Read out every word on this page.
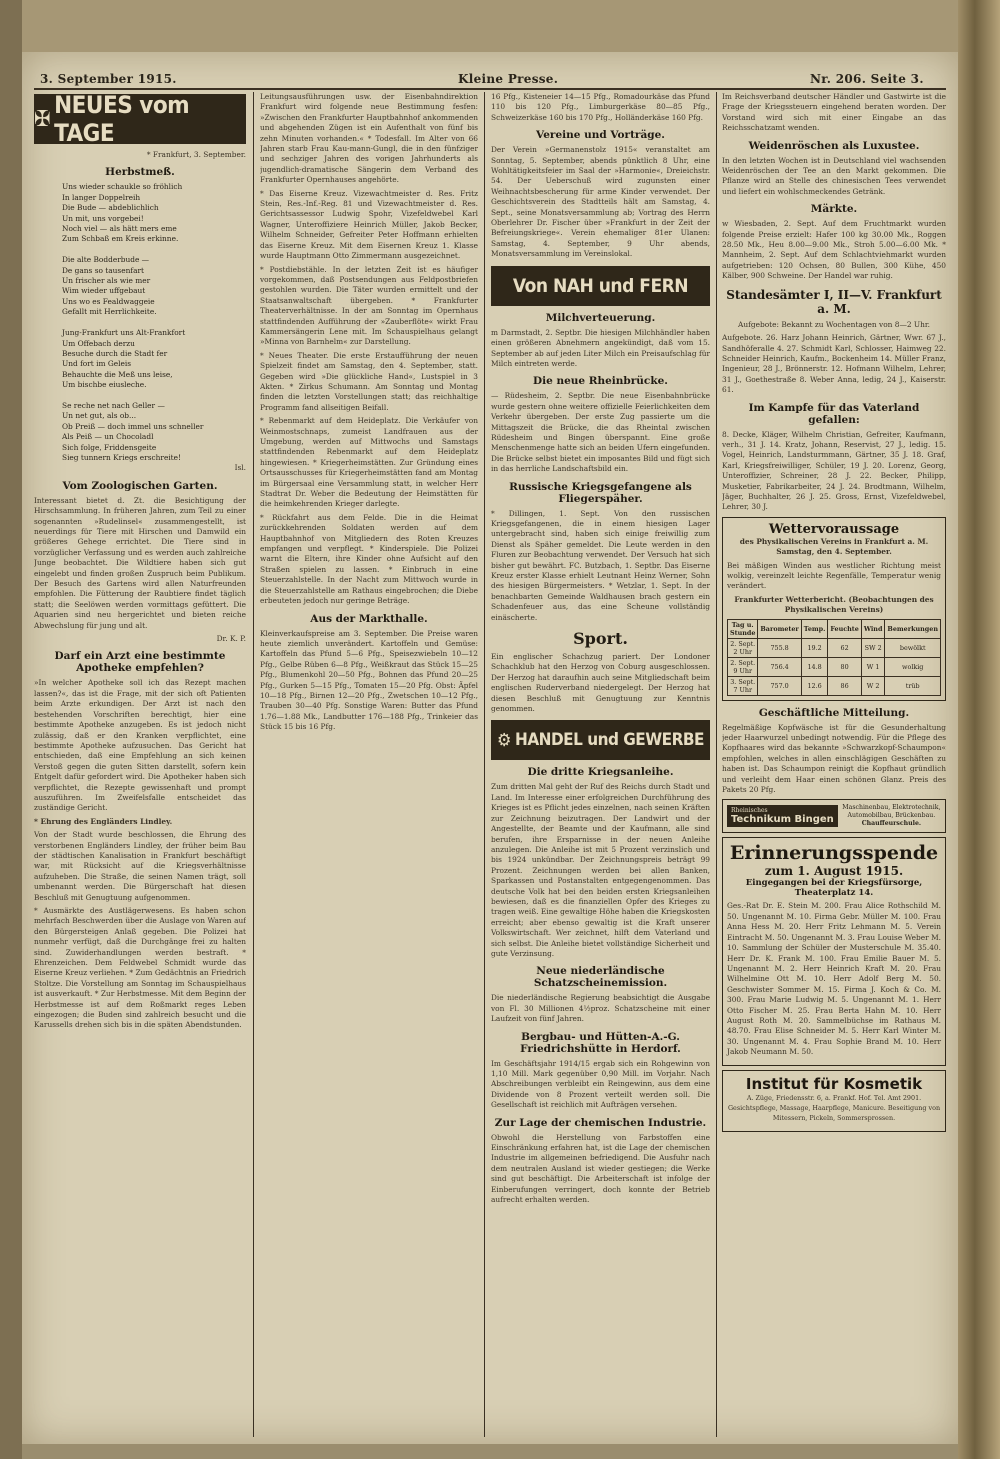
3. September 1915.	Kleine Presse.	Nr. 206. Seite 3.
✠ NEUES vom TAGE

* Frankfurt, 3. September.

Herbstmeß.
Uns wieder schaukle so fröhlich
In langer Doppelreih
Die Bude — abdeblichlich
Un mit, uns vorgebei!
Noch viel — als hätt mers eme
Zum Schbaß em Kreis erkinne.

Die alte Bodderbude —
De gans so tausenfart
Un frischer als wie mer
Wim wieder uffgebaut
Uns wo es Fealdwaggeie
Gefallt mit Herrlichkeite.

Jung-Frankfurt uns Alt-Frankfort
Um Offebach derzu
Besuche durch die Stadt fer
Und fort im Geleis
Behauchte die Meß uns leise,
Um bischbe eiusleche.

Se reche net nach Geller —
Un net gut, als ob...
Ob Preiß — doch immel uns schneller
Als Peiß — un Chocoladl
Sich folge, Friddensgeite
Sieg tunnern Kriegs erschreite!

Isl.

Vom Zoologischen Garten.

Interessant bietet d. Zt. die Besichtigung der Hirschsammlung. In früheren Jahren, zum Teil zu einer sogenannten »Rudelinsel« zusammengestellt, ist neuerdings für Tiere mit Hirschen und Damwild ein größeres Gehege errichtet. Die Tiere sind in vorzüglicher Verfassung und es werden auch zahlreiche Junge beobachtet. Die Wildtiere haben sich gut eingelebt und finden großen Zuspruch beim Publikum. Der Besuch des Gartens wird allen Naturfreunden empfohlen. Die Fütterung der Raubtiere findet täglich statt; die Seelöwen werden vormittags gefüttert. Die Aquarien sind neu hergerichtet und bieten reiche Abwechslung für jung und alt.

Dr. K. P.

Darf ein Arzt eine bestimmte Apotheke empfehlen?

»In welcher Apotheke soll ich das Rezept machen lassen?«, das ist die Frage, mit der sich oft Patienten beim Arzte erkundigen. Der Arzt ist nach den bestehenden Vorschriften berechtigt, hier eine bestimmte Apotheke anzugeben. Es ist jedoch nicht zulässig, daß er den Kranken verpflichtet, eine bestimmte Apotheke aufzusuchen. Das Gericht hat entschieden, daß eine Empfehlung an sich keinen Verstoß gegen die guten Sitten darstellt, sofern kein Entgelt dafür gefordert wird. Die Apotheker haben sich verpflichtet, die Rezepte gewissenhaft und prompt auszuführen. Im Zweifelsfalle entscheidet das zuständige Gericht.

* Ehrung des Engländers Lindley.

Von der Stadt wurde beschlossen, die Ehrung des verstorbenen Engländers Lindley, der früher beim Bau der städtischen Kanalisation in Frankfurt beschäftigt war, mit Rücksicht auf die Kriegsverhältnisse aufzuheben. Die Straße, die seinen Namen trägt, soll umbenannt werden. Die Bürgerschaft hat diesen Beschluß mit Genugtuung aufgenommen.

* Ausmärkte des Austlägerwesens. Es haben schon mehrfach Beschwerden über die Auslage von Waren auf den Bürgersteigen Anlaß gegeben. Die Polizei hat nunmehr verfügt, daß die Durchgänge frei zu halten sind. Zuwiderhandlungen werden bestraft. * Ehrenzeichen. Dem Feldwebel Schmidt wurde das Eiserne Kreuz verliehen. * Zum Gedächtnis an Friedrich Stoltze. Die Vorstellung am Sonntag im Schauspielhaus ist ausverkauft. * Zur Herbstmesse. Mit dem Beginn der Herbstmesse ist auf dem Roßmarkt reges Leben eingezogen; die Buden sind zahlreich besucht und die Karussells drehen sich bis in die späten Abendstunden.

Leitungsausführungen usw. der Eisenbahndirektion Frankfurt wird folgende neue Bestimmung fesfen: »Zwischen den Frankfurter Hauptbahnhof ankommenden und abgehenden Zügen ist ein Aufenthalt von fünf bis zehn Minuten vorhanden.« * Todesfall. Im Alter von 66 Jahren starb Frau Kau-mann-Gungl, die in den fünfziger und sechziger Jahren des vorigen Jahrhunderts als jugendlich-dramatische Sängerin dem Verband des Frankfurter Opernhauses angehörte.

* Das Eiserne Kreuz. Vizewachtmeister d. Res. Fritz Stein, Res.-Inf.-Reg. 81 und Vizewachtmeister d. Res. Gerichtsassessor Ludwig Spohr, Vizefeldwebel Karl Wagner, Unteroffiziere Heinrich Müller, Jakob Becker, Wilhelm Schneider, Gefreiter Peter Hoffmann erhielten das Eiserne Kreuz. Mit dem Eisernen Kreuz 1. Klasse wurde Hauptmann Otto Zimmermann ausgezeichnet.

* Postdiebstähle. In der letzten Zeit ist es häufiger vorgekommen, daß Postsendungen aus Feldpostbriefen gestohlen wurden. Die Täter wurden ermittelt und der Staatsanwaltschaft übergeben. * Frankfurter Theaterverhältnisse. In der am Sonntag im Opernhaus stattfindenden Aufführung der »Zauberflöte« wirkt Frau Kammersängerin Lene mit. Im Schauspielhaus gelangt »Minna von Barnhelm« zur Darstellung.

* Neues Theater. Die erste Erstaufführung der neuen Spielzeit findet am Samstag, den 4. September, statt. Gegeben wird »Die glückliche Hand«, Lustspiel in 3 Akten. * Zirkus Schumann. Am Sonntag und Montag finden die letzten Vorstellungen statt; das reichhaltige Programm fand allseitigen Beifall.

* Rebenmarkt auf dem Heideplatz. Die Verkäufer von Weinmostschnaps, zumeist Landfrauen aus der Umgebung, werden auf Mittwochs und Samstags stattfindenden Rebenmarkt auf dem Heideplatz hingewiesen. * Kriegerheimstätten. Zur Gründung eines Ortsausschusses für Kriegerheimstätten fand am Montag im Bürgersaal eine Versammlung statt, in welcher Herr Stadtrat Dr. Weber die Bedeutung der Heimstätten für die heimkehrenden Krieger darlegte.

* Rückfahrt aus dem Felde. Die in die Heimat zurückkehrenden Soldaten werden auf dem Hauptbahnhof von Mitgliedern des Roten Kreuzes empfangen und verpflegt. * Kinderspiele. Die Polizei warnt die Eltern, ihre Kinder ohne Aufsicht auf den Straßen spielen zu lassen. * Einbruch in eine Steuerzahlstelle. In der Nacht zum Mittwoch wurde in die Steuerzahlstelle am Rathaus eingebrochen; die Diebe erbeuteten jedoch nur geringe Beträge.

Aus der Markthalle.

Kleinverkaufspreise am 3. September. Die Preise waren heute ziemlich unverändert. Kartoffeln und Gemüse: Kartoffeln das Pfund 5—6 Pfg., Speisezwiebeln 10—12 Pfg., Gelbe Rüben 6—8 Pfg., Weißkraut das Stück 15—25 Pfg., Blumenkohl 20—50 Pfg., Bohnen das Pfund 20—25 Pfg., Gurken 5—15 Pfg., Tomaten 15—20 Pfg. Obst: Äpfel 10—18 Pfg., Birnen 12—20 Pfg., Zwetschen 10—12 Pfg., Trauben 30—40 Pfg. Sonstige Waren: Butter das Pfund 1.76—1.88 Mk., Landbutter 176—188 Pfg., Trinkeier das Stück 15 bis 16 Pfg.

16 Pfg., Kisteneier 14—15 Pfg., Romadourkäse das Pfund 110 bis 120 Pfg., Limburgerkäse 80—85 Pfg., Schweizerkäse 160 bis 170 Pfg., Holländerkäse 160 Pfg.

Vereine und Vorträge.

Der Verein »Germanenstolz 1915« veranstaltet am Sonntag, 5. September, abends pünktlich 8 Uhr, eine Wohltätigkeitsfeier im Saal der »Harmonie«, Dreieichstr. 54. Der Ueberschuß wird zugunsten einer Weihnachtsbescherung für arme Kinder verwendet. Der Geschichtsverein des Stadtteils hält am Samstag, 4. Sept., seine Monatsversammlung ab; Vortrag des Herrn Oberlehrer Dr. Fischer über »Frankfurt in der Zeit der Befreiungskriege«. Verein ehemaliger 81er Ulanen: Samstag, 4. September, 9 Uhr abends, Monatsversammlung im Vereinslokal.

Von NAH und FERN
Milchverteuerung.

m Darmstadt, 2. Septbr. Die hiesigen Milchhändler haben einen größeren Abnehmern angekündigt, daß vom 15. September ab auf jeden Liter Milch ein Preisaufschlag für Milch eintreten werde.

Die neue Rheinbrücke.

— Rüdesheim, 2. Septbr. Die neue Eisenbahnbrücke wurde gestern ohne weitere offizielle Feierlichkeiten dem Verkehr übergeben. Der erste Zug passierte um die Mittagszeit die Brücke, die das Rheintal zwischen Rüdesheim und Bingen überspannt. Eine große Menschenmenge hatte sich an beiden Ufern eingefunden. Die Brücke selbst bietet ein imposantes Bild und fügt sich in das herrliche Landschaftsbild ein.

Russische Kriegsgefangene als Fliegerspäher.

* Dillingen, 1. Sept. Von den russischen Kriegsgefangenen, die in einem hiesigen Lager untergebracht sind, haben sich einige freiwillig zum Dienst als Späher gemeldet. Die Leute werden in den Fluren zur Beobachtung verwendet. Der Versuch hat sich bisher gut bewährt. FC. Butzbach, 1. Septbr. Das Eiserne Kreuz erster Klasse erhielt Leutnant Heinz Werner, Sohn des hiesigen Bürgermeisters. * Wetzlar, 1. Sept. In der benachbarten Gemeinde Waldhausen brach gestern ein Schadenfeuer aus, das eine Scheune vollständig einäscherte.

Sport.

Ein englischer Schachzug pariert. Der Londoner Schachklub hat den Herzog von Coburg ausgeschlossen. Der Herzog hat daraufhin auch seine Mitgliedschaft beim englischen Ruderverband niedergelegt. Der Herzog hat diesen Beschluß mit Genugtuung zur Kenntnis genommen.

⚙ HANDEL und GEWERBE
Die dritte Kriegsanleihe.

Zum dritten Mal geht der Ruf des Reichs durch Stadt und Land. Im Interesse einer erfolgreichen Durchführung des Krieges ist es Pflicht jedes einzelnen, nach seinen Kräften zur Zeichnung beizutragen. Der Landwirt und der Angestellte, der Beamte und der Kaufmann, alle sind berufen, ihre Ersparnisse in der neuen Anleihe anzulegen. Die Anleihe ist mit 5 Prozent verzinslich und bis 1924 unkündbar. Der Zeichnungspreis beträgt 99 Prozent. Zeichnungen werden bei allen Banken, Sparkassen und Postanstalten entgegengenommen. Das deutsche Volk hat bei den beiden ersten Kriegsanleihen bewiesen, daß es die finanziellen Opfer des Krieges zu tragen weiß. Eine gewaltige Höhe haben die Kriegskosten erreicht; aber ebenso gewaltig ist die Kraft unserer Volkswirtschaft. Wer zeichnet, hilft dem Vaterland und sich selbst. Die Anleihe bietet vollständige Sicherheit und gute Verzinsung.

Neue niederländische Schatzscheinemission.

Die niederländische Regierung beabsichtigt die Ausgabe von Fl. 30 Millionen 4½proz. Schatzscheine mit einer Laufzeit von fünf Jahren.

Bergbau- und Hütten-A.-G. Friedrichshütte in Herdorf.

Im Geschäftsjahr 1914/15 ergab sich ein Rohgewinn von 1,10 Mill. Mark gegenüber 0,90 Mill. im Vorjahr. Nach Abschreibungen verbleibt ein Reingewinn, aus dem eine Dividende von 8 Prozent verteilt werden soll. Die Gesellschaft ist reichlich mit Aufträgen versehen.

Zur Lage der chemischen Industrie.

Obwohl die Herstellung von Farbstoffen eine Einschränkung erfahren hat, ist die Lage der chemischen Industrie im allgemeinen befriedigend. Die Ausfuhr nach dem neutralen Ausland ist wieder gestiegen; die Werke sind gut beschäftigt. Die Arbeiterschaft ist infolge der Einberufungen verringert, doch konnte der Betrieb aufrecht erhalten werden.

Im Reichsverband deutscher Händler und Gastwirte ist die Frage der Kriegssteuern eingehend beraten worden. Der Vorstand wird sich mit einer Eingabe an das Reichsschatzamt wenden.

Weidenröschen als Luxustee.

In den letzten Wochen ist in Deutschland viel wachsenden Weidenröschen der Tee an den Markt gekommen. Die Pflanze wird an Stelle des chinesischen Tees verwendet und liefert ein wohlschmeckendes Getränk.

Märkte.

w Wiesbaden, 2. Sept. Auf dem Fruchtmarkt wurden folgende Preise erzielt: Hafer 100 kg 30.00 Mk., Roggen 28.50 Mk., Heu 8.00—9.00 Mk., Stroh 5.00—6.00 Mk. * Mannheim, 2. Sept. Auf dem Schlachtviehmarkt wurden aufgetrieben: 120 Ochsen, 80 Bullen, 300 Kühe, 450 Kälber, 900 Schweine. Der Handel war ruhig.

Standesämter I, II—V. Frankfurt a. M.

Aufgebote: Bekannt zu Wochentagen von 8—2 Uhr.

Aufgebote. 26. Harz Johann Heinrich, Gärtner, Wwr. 67 J., Sandhöferalle 4. 27. Schmidt Karl, Schlosser, Haimweg 22. Schneider Heinrich, Kaufm., Bockenheim 14. Müller Franz, Ingenieur, 28 J., Brönnerstr. 12. Hofmann Wilhelm, Lehrer, 31 J., Goethestraße 8. Weber Anna, ledig, 24 J., Kaiserstr. 61.

Im Kampfe für das Vaterland gefallen:

8. Decke, Kläger, Wilhelm Christian, Gefreiter, Kaufmann, verh., 31 J. 14. Kratz, Johann, Reservist, 27 J., ledig. 15. Vogel, Heinrich, Landsturmmann, Gärtner, 35 J. 18. Graf, Karl, Kriegsfreiwilliger, Schüler, 19 J. 20. Lorenz, Georg, Unteroffizier, Schreiner, 28 J. 22. Becker, Philipp, Musketier, Fabrikarbeiter, 24 J. 24. Brodtmann, Wilhelm, Jäger, Buchhalter, 26 J. 25. Gross, Ernst, Vizefeldwebel, Lehrer, 30 J.

Wettervoraussage

des Physikalischen Vereins in Frankfurt a. M. Samstag, den 4. September.

Bei mäßigen Winden aus westlicher Richtung meist wolkig, vereinzelt leichte Regenfälle, Temperatur wenig verändert.

Frankfurter Wetterbericht. (Beobachtungen des Physikalischen Vereins)

Tag u. Stunde	Barometer	Temp.	Feuchte	Wind	Bemerkungen
2. Sept. 2 Uhr	755.8	19.2	62	SW 2	bewölkt
2. Sept. 9 Uhr	756.4	14.8	80	W 1	wolkig
3. Sept. 7 Uhr	757.0	12.6	86	W 2	trüb
Geschäftliche Mitteilung.

Regelmäßige Kopfwäsche ist für die Gesunderhaltung jeder Haarwurzel unbedingt notwendig. Für die Pflege des Kopfhaares wird das bekannte »Schwarzkopf-Schaumpon« empfohlen, welches in allen einschlägigen Geschäften zu haben ist. Das Schaumpon reinigt die Kopfhaut gründlich und verleiht dem Haar einen schönen Glanz. Preis des Pakets 20 Pfg.

Rheinisches
Technikum Bingen
Maschinenbau, Elektrotechnik, Automobilbau, Brückenbau.
Chauffeurschule.
Erinnerungsspende
zum 1. August 1915.
Eingegangen bei der Kriegsfürsorge,
Theaterplatz 14.

Ges.-Rat Dr. E. Stein M. 200. Frau Alice Rothschild M. 50. Ungenannt M. 10. Firma Gebr. Müller M. 100. Frau Anna Hess M. 20. Herr Fritz Lehmann M. 5. Verein Eintracht M. 50. Ungenannt M. 3. Frau Louise Weber M. 10. Sammlung der Schüler der Musterschule M. 35.40. Herr Dr. K. Frank M. 100. Frau Emilie Bauer M. 5. Ungenannt M. 2. Herr Heinrich Kraft M. 20. Frau Wilhelmine Ott M. 10. Herr Adolf Berg M. 50. Geschwister Sommer M. 15. Firma J. Koch & Co. M. 300. Frau Marie Ludwig M. 5. Ungenannt M. 1. Herr Otto Fischer M. 25. Frau Berta Hahn M. 10. Herr August Roth M. 20. Sammelbüchse im Rathaus M. 48.70. Frau Elise Schneider M. 5. Herr Karl Winter M. 30. Ungenannt M. 4. Frau Sophie Brand M. 10. Herr Jakob Neumann M. 50.

Institut für Kosmetik

A. Züge, Friedensstr. 6, a. Frankf. Hof. Tel. Amt 2901. Gesichtspflege, Massage, Haarpflege, Manicure. Beseitigung von Mitessern, Pickeln, Sommersprossen.
